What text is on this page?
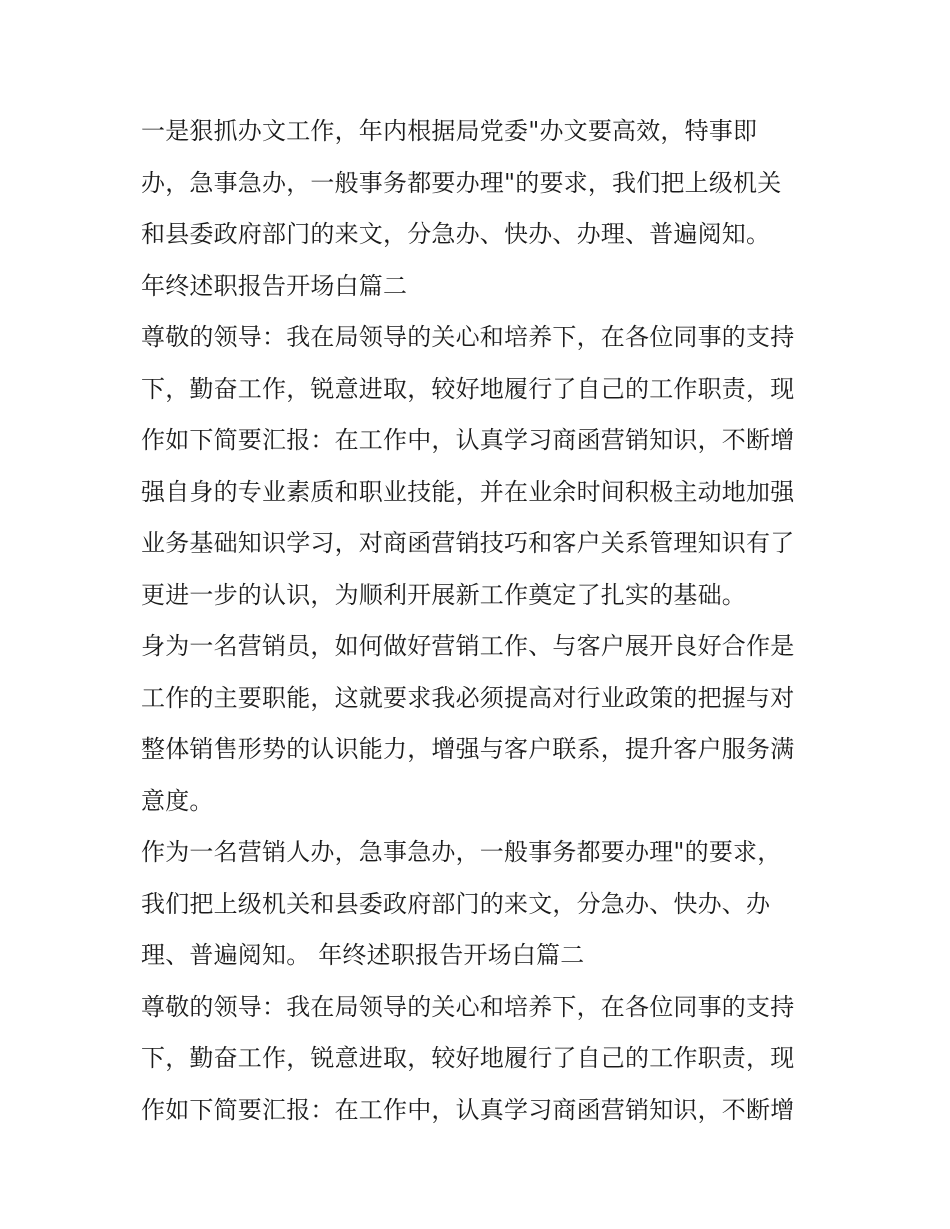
一是狠抓办文工作，年内根据局党委"办文要高效，特事即
办，急事急办，一般事务都要办理"的要求，我们把上级机关
和县委政府部门的来文，分急办、快办、办理、普遍阅知。
年终述职报告开场白篇二
尊敬的领导：我在局领导的关心和培养下，在各位同事的支持
下，勤奋工作，锐意进取，较好地履行了自己的工作职责，现
作如下简要汇报：在工作中，认真学习商函营销知识，不断增
强自身的专业素质和职业技能，并在业余时间积极主动地加强
业务基础知识学习，对商函营销技巧和客户关系管理知识有了
更进一步的认识，为顺利开展新工作奠定了扎实的基础。
身为一名营销员，如何做好营销工作、与客户展开良好合作是
工作的主要职能，这就要求我必须提高对行业政策的把握与对
整体销售形势的认识能力，增强与客户联系，提升客户服务满
意度。
作为一名营销人办，急事急办，一般事务都要办理"的要求，
我们把上级机关和县委政府部门的来文，分急办、快办、办
理、普遍阅知。 年终述职报告开场白篇二
尊敬的领导：我在局领导的关心和培养下，在各位同事的支持
下，勤奋工作，锐意进取，较好地履行了自己的工作职责，现
作如下简要汇报：在工作中，认真学习商函营销知识，不断增
